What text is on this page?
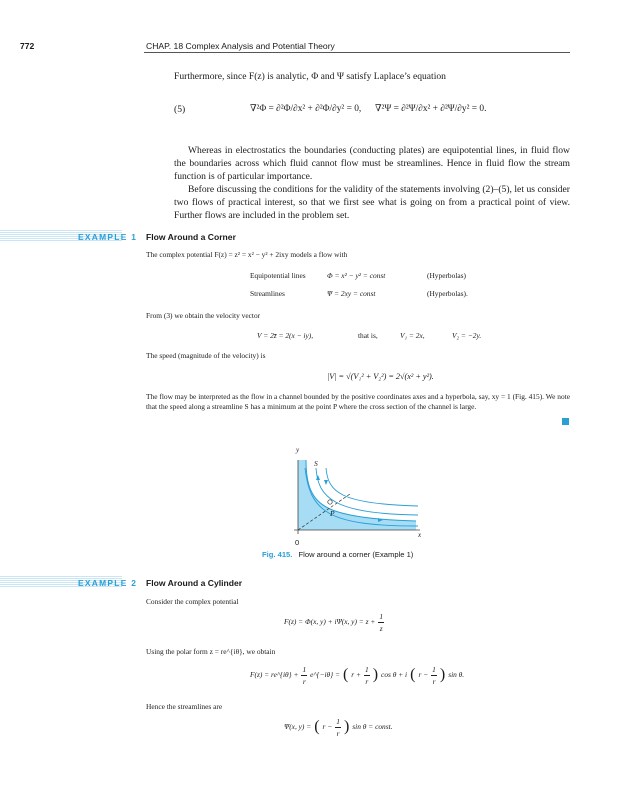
772	CHAP. 18 Complex Analysis and Potential Theory
Furthermore, since F(z) is analytic, Φ and Ψ satisfy Laplace’s equation
(5)	∇²Φ = ∂²Φ/∂x² + ∂²Φ/∂y² = 0, ∇²Ψ = ∂²Ψ/∂x² + ∂²Ψ/∂y² = 0.
Whereas in electrostatics the boundaries (conducting plates) are equipotential lines, in fluid flow the boundaries across which fluid cannot flow must be streamlines. Hence in fluid flow the stream function is of particular importance.
Before discussing the conditions for the validity of the statements involving (2)–(5), let us consider two flows of practical interest, so that we first see what is going on from a practical point of view. Further flows are included in the problem set.
EXAMPLE 1 Flow Around a Corner
The complex potential F(z) = z² = x² − y² + 2ixy models a flow with
Equipotential lines	Φ = x² − y² = const	(Hyperbolas)
Streamlines	Ψ = 2xy = const	(Hyperbolas).
From (3) we obtain the velocity vector
V = 2z̄ = 2(x − iy),	that is,	V₁ = 2x,	V₂ = −2y.
The speed (magnitude of the velocity) is
|V| = √(V₁² + V₂²) = 2√(x² + y²).
The flow may be interpreted as the flow in a channel bounded by the positive coordinates axes and a hyperbola, say, xy = 1 (Fig. 415). We note that the speed along a streamline S has a minimum at the point P where the cross section of the channel is large.
y
S
P
0
x
Fig. 415. Flow around a corner (Example 1)
EXAMPLE 2 Flow Around a Cylinder
Consider the complex potential
F(z) = Φ(x, y) + iΨ(x, $y) = z + \frac{1}{z}$
Using the polar form z = re^{iθ}, we obtain
F(z) = re^{iθ} + $\frac{1}{r}$ e^{−iθ} = ( $r + \frac{1}{r}$ ) cos θ + i ( $r - \frac{1}{r}$ ) sin θ.
Hence the streamlines are
Ψ(x, y) = ( $r - \frac{1}{r}$ ) sin θ = const.
